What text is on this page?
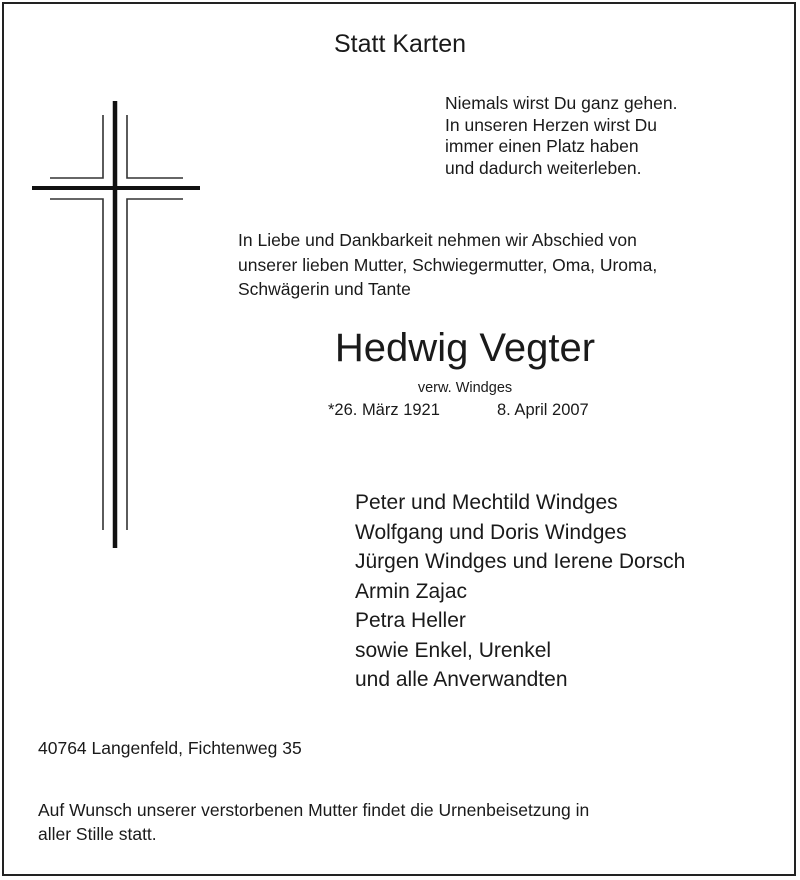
Statt Karten
Niemals wirst Du ganz gehen.
In unseren Herzen wirst Du
immer einen Platz haben
und dadurch weiterleben.
In Liebe und Dankbarkeit nehmen wir Abschied von
unserer lieben Mutter, Schwiegermutter, Oma, Uroma,
Schwägerin und Tante
Hedwig Vegter
verw. Windges
*26. März 1921	8. April 2007
Peter und Mechtild Windges
Wolfgang und Doris Windges
Jürgen Windges und Ierene Dorsch
Armin Zajac
Petra Heller
sowie Enkel, Urenkel
und alle Anverwandten
40764 Langenfeld, Fichtenweg 35
Auf Wunsch unserer verstorbenen Mutter findet die Urnenbeisetzung in
aller Stille statt.
